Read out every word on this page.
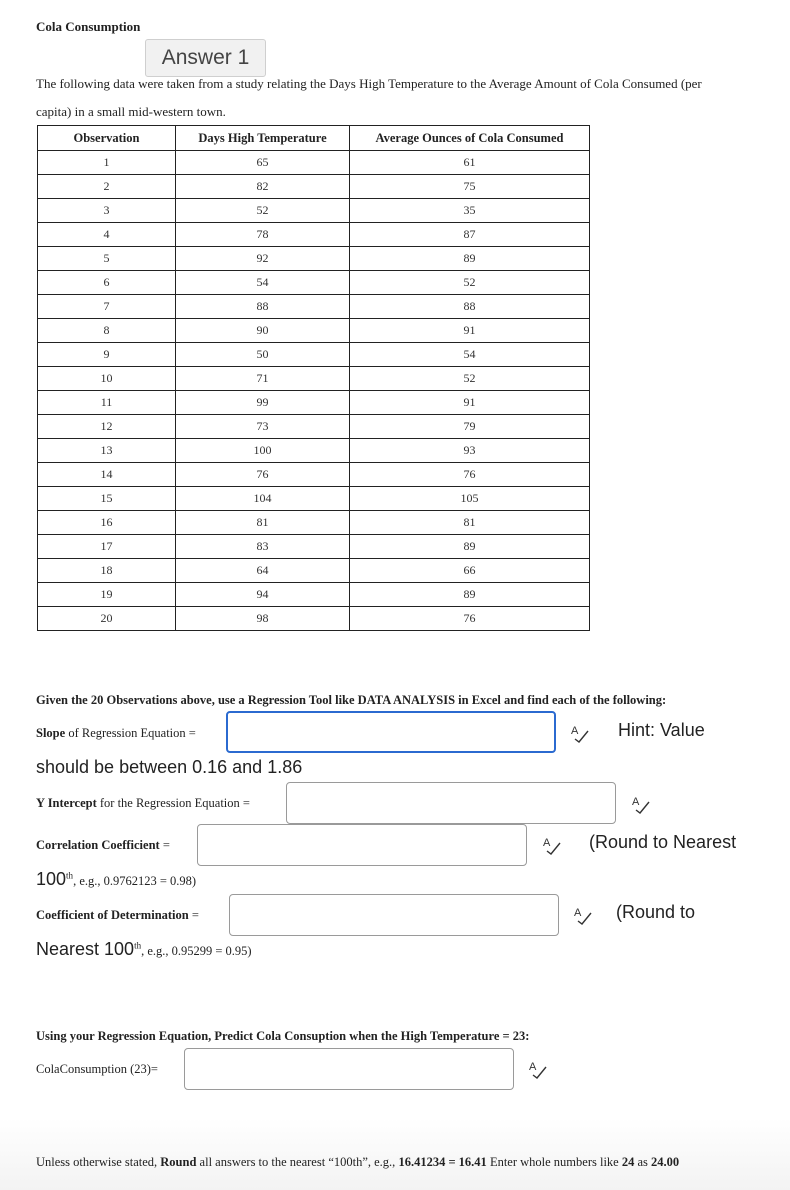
Cola Consumption
Answer 1
The following data were taken from a study relating the Days High Temperature to the Average Amount of Cola Consumed (per
capita) in a small mid-western town.
Observation	Days High Temperature	Average Ounces of Cola Consumed
1	65	61
2	82	75
3	52	35
4	78	87
5	92	89
6	54	52
7	88	88
8	90	91
9	50	54
10	71	52
11	99	91
12	73	79
13	100	93
14	76	76
15	104	105
16	81	81
17	83	89
18	64	66
19	94	89
20	98	76
Given the 20 Observations above, use a Regression Tool like DATA ANALYSIS in Excel and find each of the following:
Slope of Regression Equation =	A Hint: Value
should be between 0.16 and 1.86
Y Intercept for the Regression Equation =	A
Correlation Coefficient =	A (Round to Nearest
100th, e.g., 0.9762123 = 0.98)
Coefficient of Determination =	A (Round to
Nearest 100th, e.g., 0.95299 = 0.95)
Using your Regression Equation, Predict Cola Consuption when the High Temperature = 23:
ColaConsumption (23)=	A
Unless otherwise stated, Round all answers to the nearest “100th”, e.g., 16.41234 = 16.41 Enter whole numbers like 24 as 24.00
